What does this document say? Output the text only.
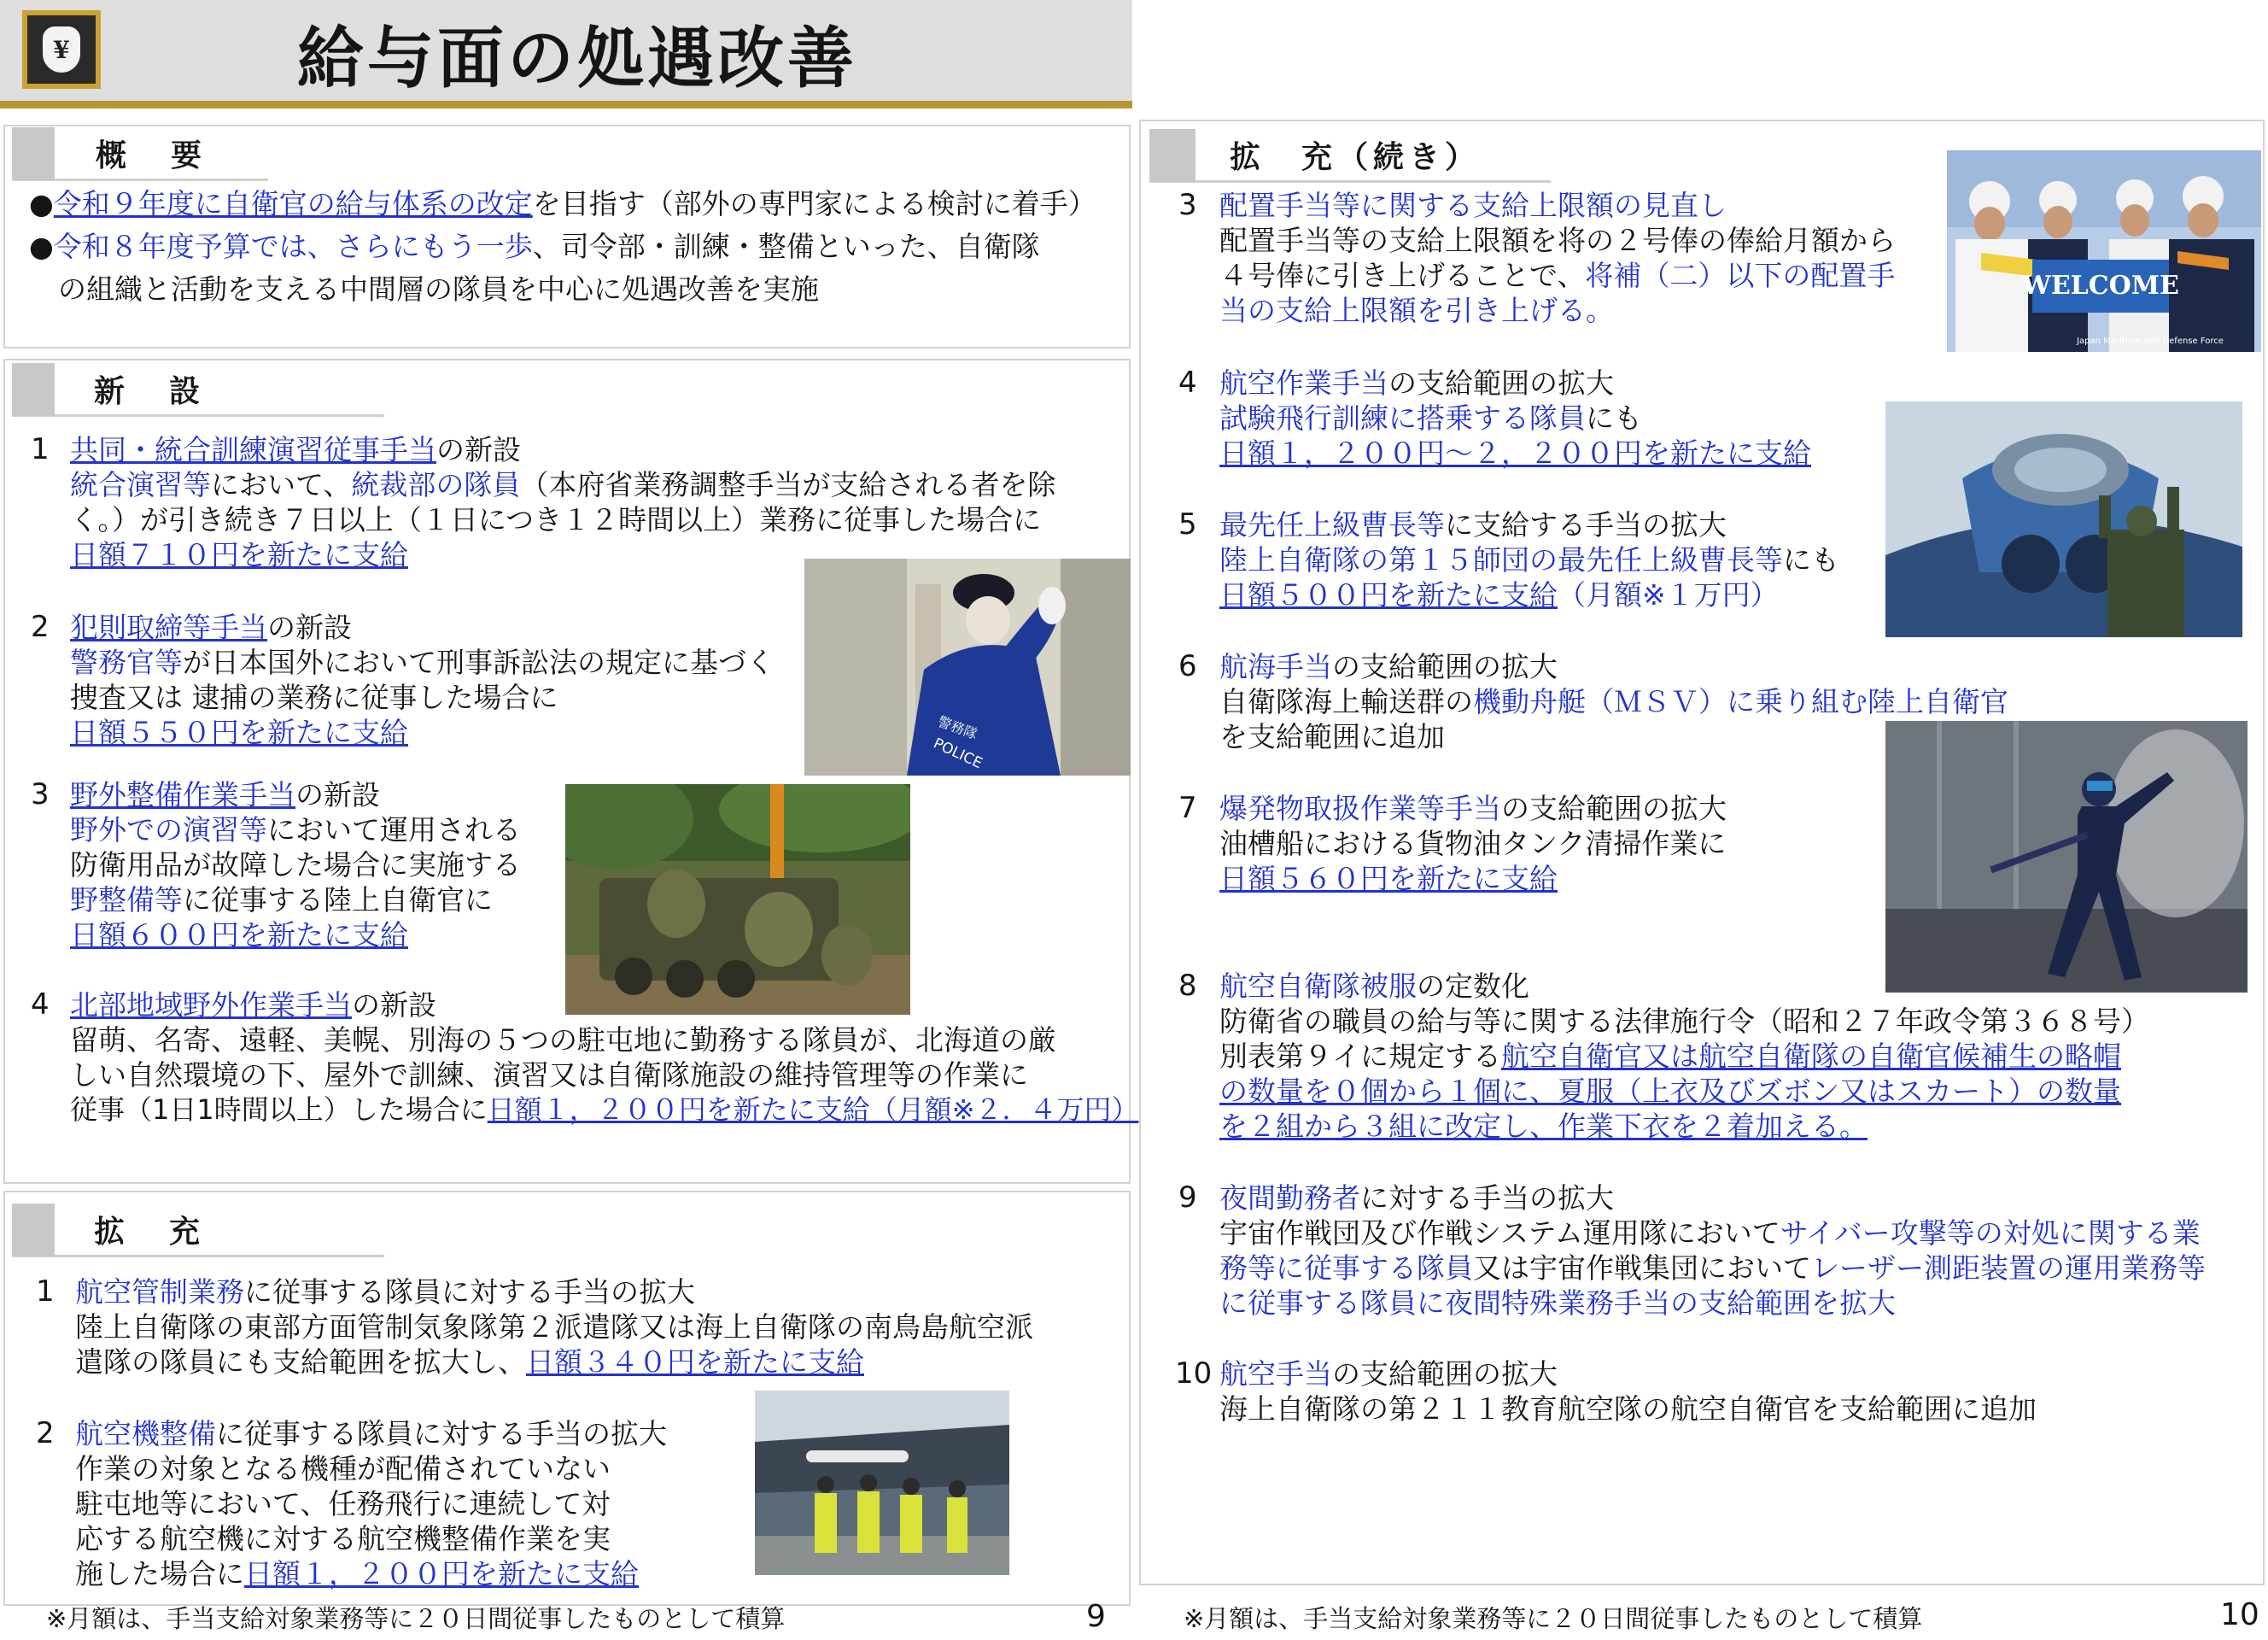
¥	給与面の処遇改善
概　要
●令和９年度に自衛官の給与体系の改定を目指す（部外の専門家による検討に着手）
●令和８年度予算では、さらにもう一歩、司令部・訓練・整備といった、自衛隊
の組織と活動を支える中間層の隊員を中心に処遇改善を実施
新　設
1 共同・統合訓練演習従事手当の新設
統合演習等において、統裁部の隊員（本府省業務調整手当が支給される者を除
く。）が引き続き７日以上（１日につき１２時間以上）業務に従事した場合に
日額７１０円を新たに支給
警務隊
POLICE
2 犯則取締等手当の新設
警務官等が日本国外において刑事訴訟法の規定に基づく
捜査又は 逮捕の業務に従事した場合に
日額５５０円を新たに支給
3 野外整備作業手当の新設
野外での演習等において運用される
防衛用品が故障した場合に実施する
野整備等に従事する陸上自衛官に
日額６００円を新たに支給
4 北部地域野外作業手当の新設
留萌、名寄、遠軽、美幌、別海の５つの駐屯地に勤務する隊員が、北海道の厳
しい自然環境の下、屋外で訓練、演習又は自衛隊施設の維持管理等の作業に
従事（1日1時間以上）した場合に日額１，２００円を新たに支給（月額※２．４万円）
拡　充
1 航空管制業務に従事する隊員に対する手当の拡大
陸上自衛隊の東部方面管制気象隊第２派遣隊又は海上自衛隊の南鳥島航空派
遣隊の隊員にも支給範囲を拡大し、日額３４０円を新たに支給
2 航空機整備に従事する隊員に対する手当の拡大
作業の対象となる機種が配備されていない
駐屯地等において、任務飛行に連続して対
応する航空機に対する航空機整備作業を実
施した場合に日額１，２００円を新たに支給
※月額は、手当支給対象業務等に２０日間従事したものとして積算	9
拡　充（続き）
WELCOME
Japan Maritime Self-Defense Force
3 配置手当等に関する支給上限額の見直し
配置手当等の支給上限額を将の２号俸の俸給月額から
４号俸に引き上げることで、将補（二）以下の配置手
当の支給上限額を引き上げる。
4 航空作業手当の支給範囲の拡大
試験飛行訓練に搭乗する隊員にも
日額１，２００円～２，２００円を新たに支給
5 最先任上級曹長等に支給する手当の拡大
陸上自衛隊の第１５師団の最先任上級曹長等にも
日額５００円を新たに支給（月額※１万円）
6 航海手当の支給範囲の拡大
自衛隊海上輸送群の機動舟艇（ＭＳＶ）に乗り組む陸上自衛官
を支給範囲に追加
7 爆発物取扱作業等手当の支給範囲の拡大
油槽船における貨物油タンク清掃作業に
日額５６０円を新たに支給
8 航空自衛隊被服の定数化
防衛省の職員の給与等に関する法律施行令（昭和２７年政令第３６８号）
別表第９イに規定する航空自衛官又は航空自衛隊の自衛官候補生の略帽
の数量を０個から１個に、夏服（上衣及びズボン又はスカート）の数量
を２組から３組に改定し、作業下衣を２着加える。
9 夜間勤務者に対する手当の拡大
宇宙作戦団及び作戦システム運用隊においてサイバー攻撃等の対処に関する業
務等に従事する隊員又は宇宙作戦集団においてレーザー測距装置の運用業務等
に従事する隊員に夜間特殊業務手当の支給範囲を拡大
10 航空手当の支給範囲の拡大
海上自衛隊の第２１１教育航空隊の航空自衛官を支給範囲に追加
※月額は、手当支給対象業務等に２０日間従事したものとして積算	10
